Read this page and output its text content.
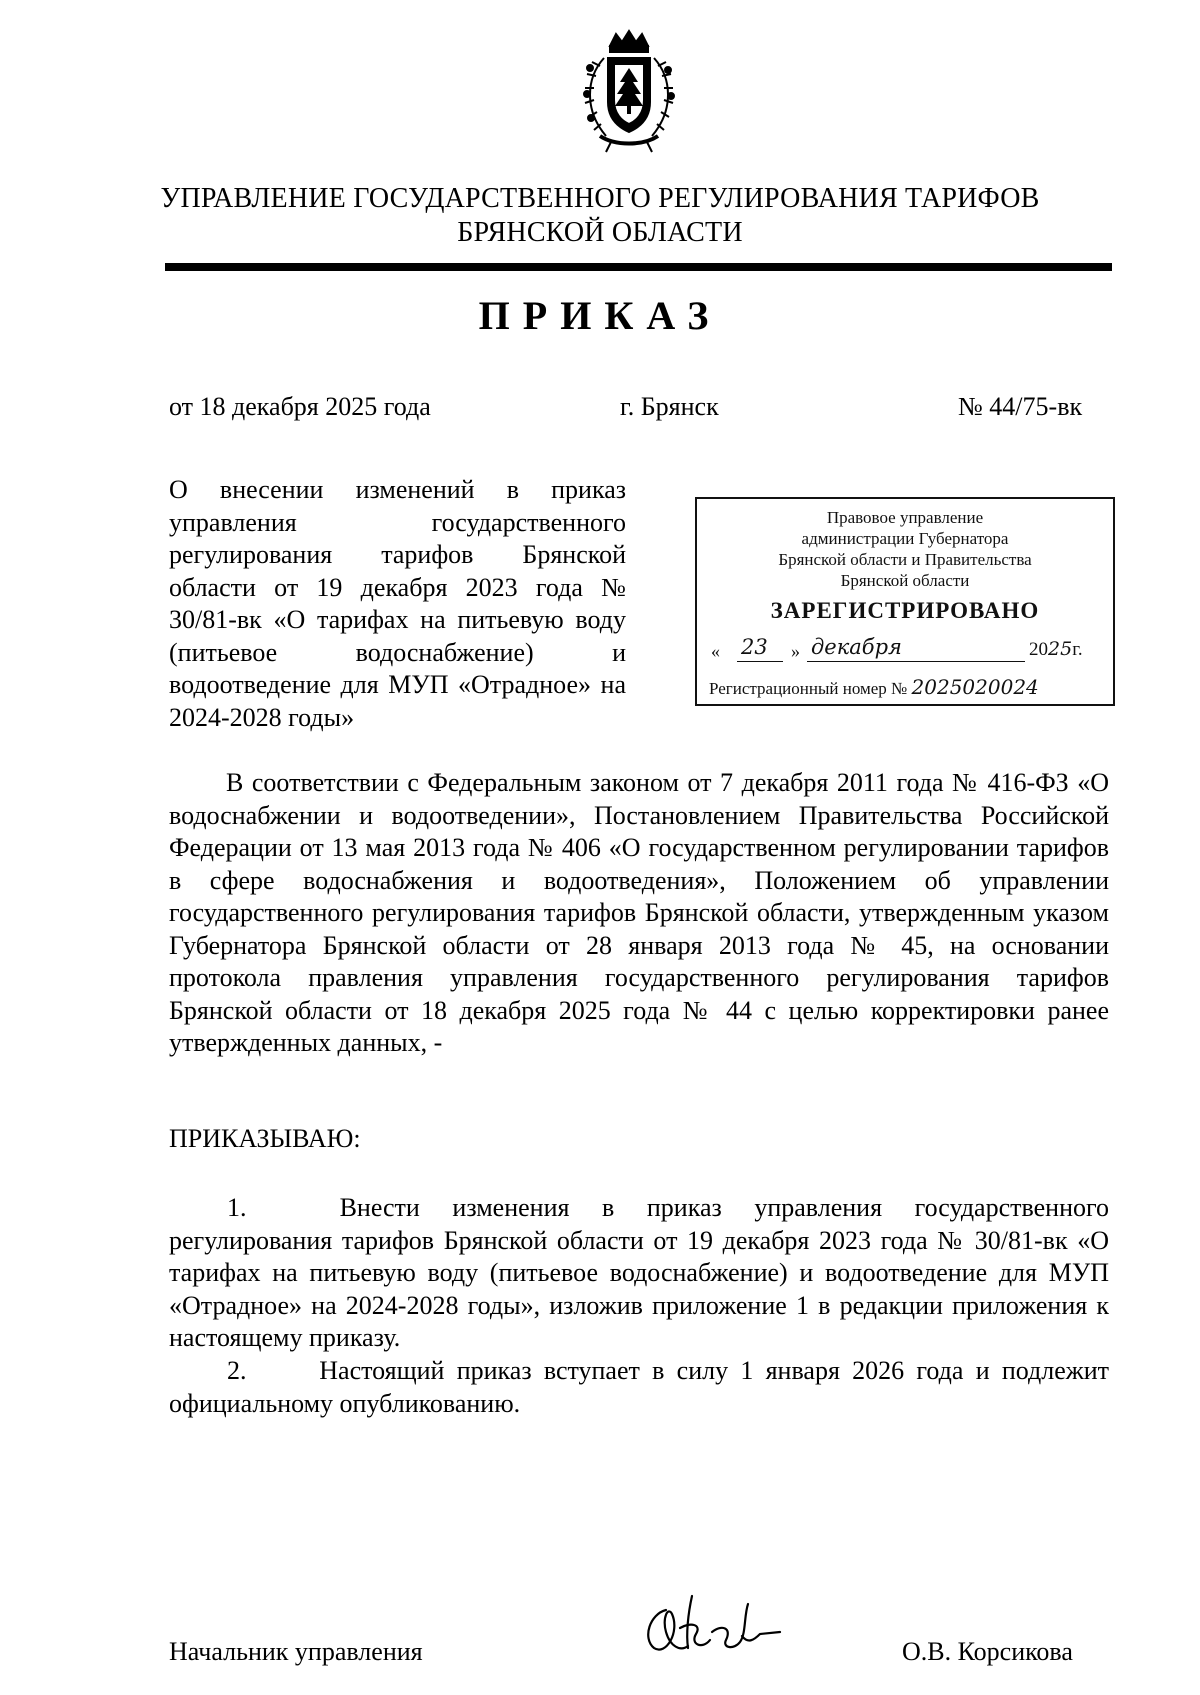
УПРАВЛЕНИЕ ГОСУДАРСТВЕННОГО РЕГУЛИРОВАНИЯ ТАРИФОВ
БРЯНСКОЙ ОБЛАСТИ
ПРИКАЗ
от 18 декабря 2025 года	г. Брянск	№ 44/75-вк
О внесении изменений в приказ управления государственного регулирования тарифов Брянской области от 19 декабря 2023 года № 30/81-вк «О тарифах на питьевую воду (питьевое водоснабжение) и водоотведение для МУП «Отрадное» на 2024-2028 годы»
Правовое управление
администрации Губернатора
Брянской области и Правительства
Брянской области
ЗАРЕГИСТРИРОВАНО
« 23 » декабря	2025г.
Регистрационный номер № 2025020024
В соответствии с Федеральным законом от 7 декабря 2011 года № 416-ФЗ «О водоснабжении и водоотведении», Постановлением Правительства Российской Федерации от 13 мая 2013 года № 406 «О государственном регулировании тарифов в сфере водоснабжения и водоотведения», Положением об управлении государственного регулирования тарифов Брянской области, утвержденным указом Губернатора Брянской области от 28 января 2013 года № 45, на основании протокола правления управления государственного регулирования тарифов Брянской области от 18 декабря 2025 года № 44 с целью корректировки ранее утвержденных данных, -
ПРИКАЗЫВАЮ:
1.	Внести изменения в приказ управления государственного регулирования тарифов Брянской области от 19 декабря 2023 года № 30/81-вк «О тарифах на питьевую воду (питьевое водоснабжение) и водоотведение для МУП «Отрадное» на 2024-2028 годы», изложив приложение 1 в редакции приложения к настоящему приказу.
2.	Настоящий приказ вступает в силу 1 января 2026 года и подлежит официальному опубликованию.
Начальник управления	О.В. Корсикова
